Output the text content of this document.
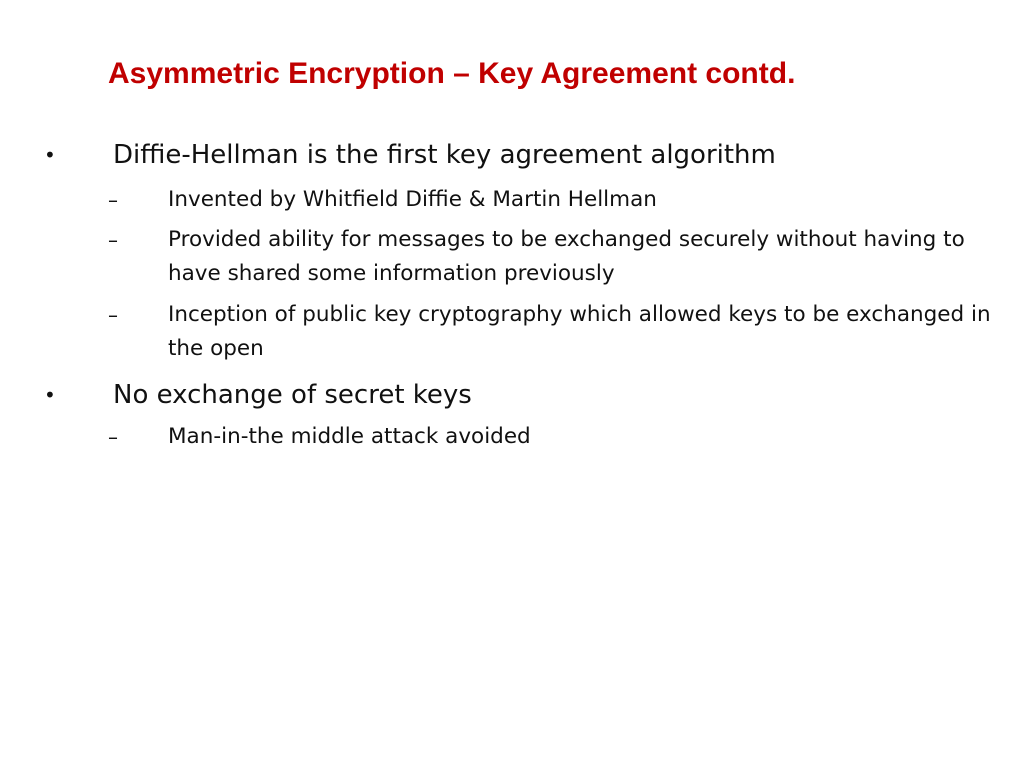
Asymmetric Encryption – Key Agreement contd.
• Diffie-Hellman is the first key agreement algorithm
– Invented by Whitfield Diffie & Martin Hellman
– Provided ability for messages to be exchanged securely without having to have shared some information previously
– Inception of public key cryptography which allowed keys to be exchanged in the open
• No exchange of secret keys
– Man-in-the middle attack avoided
